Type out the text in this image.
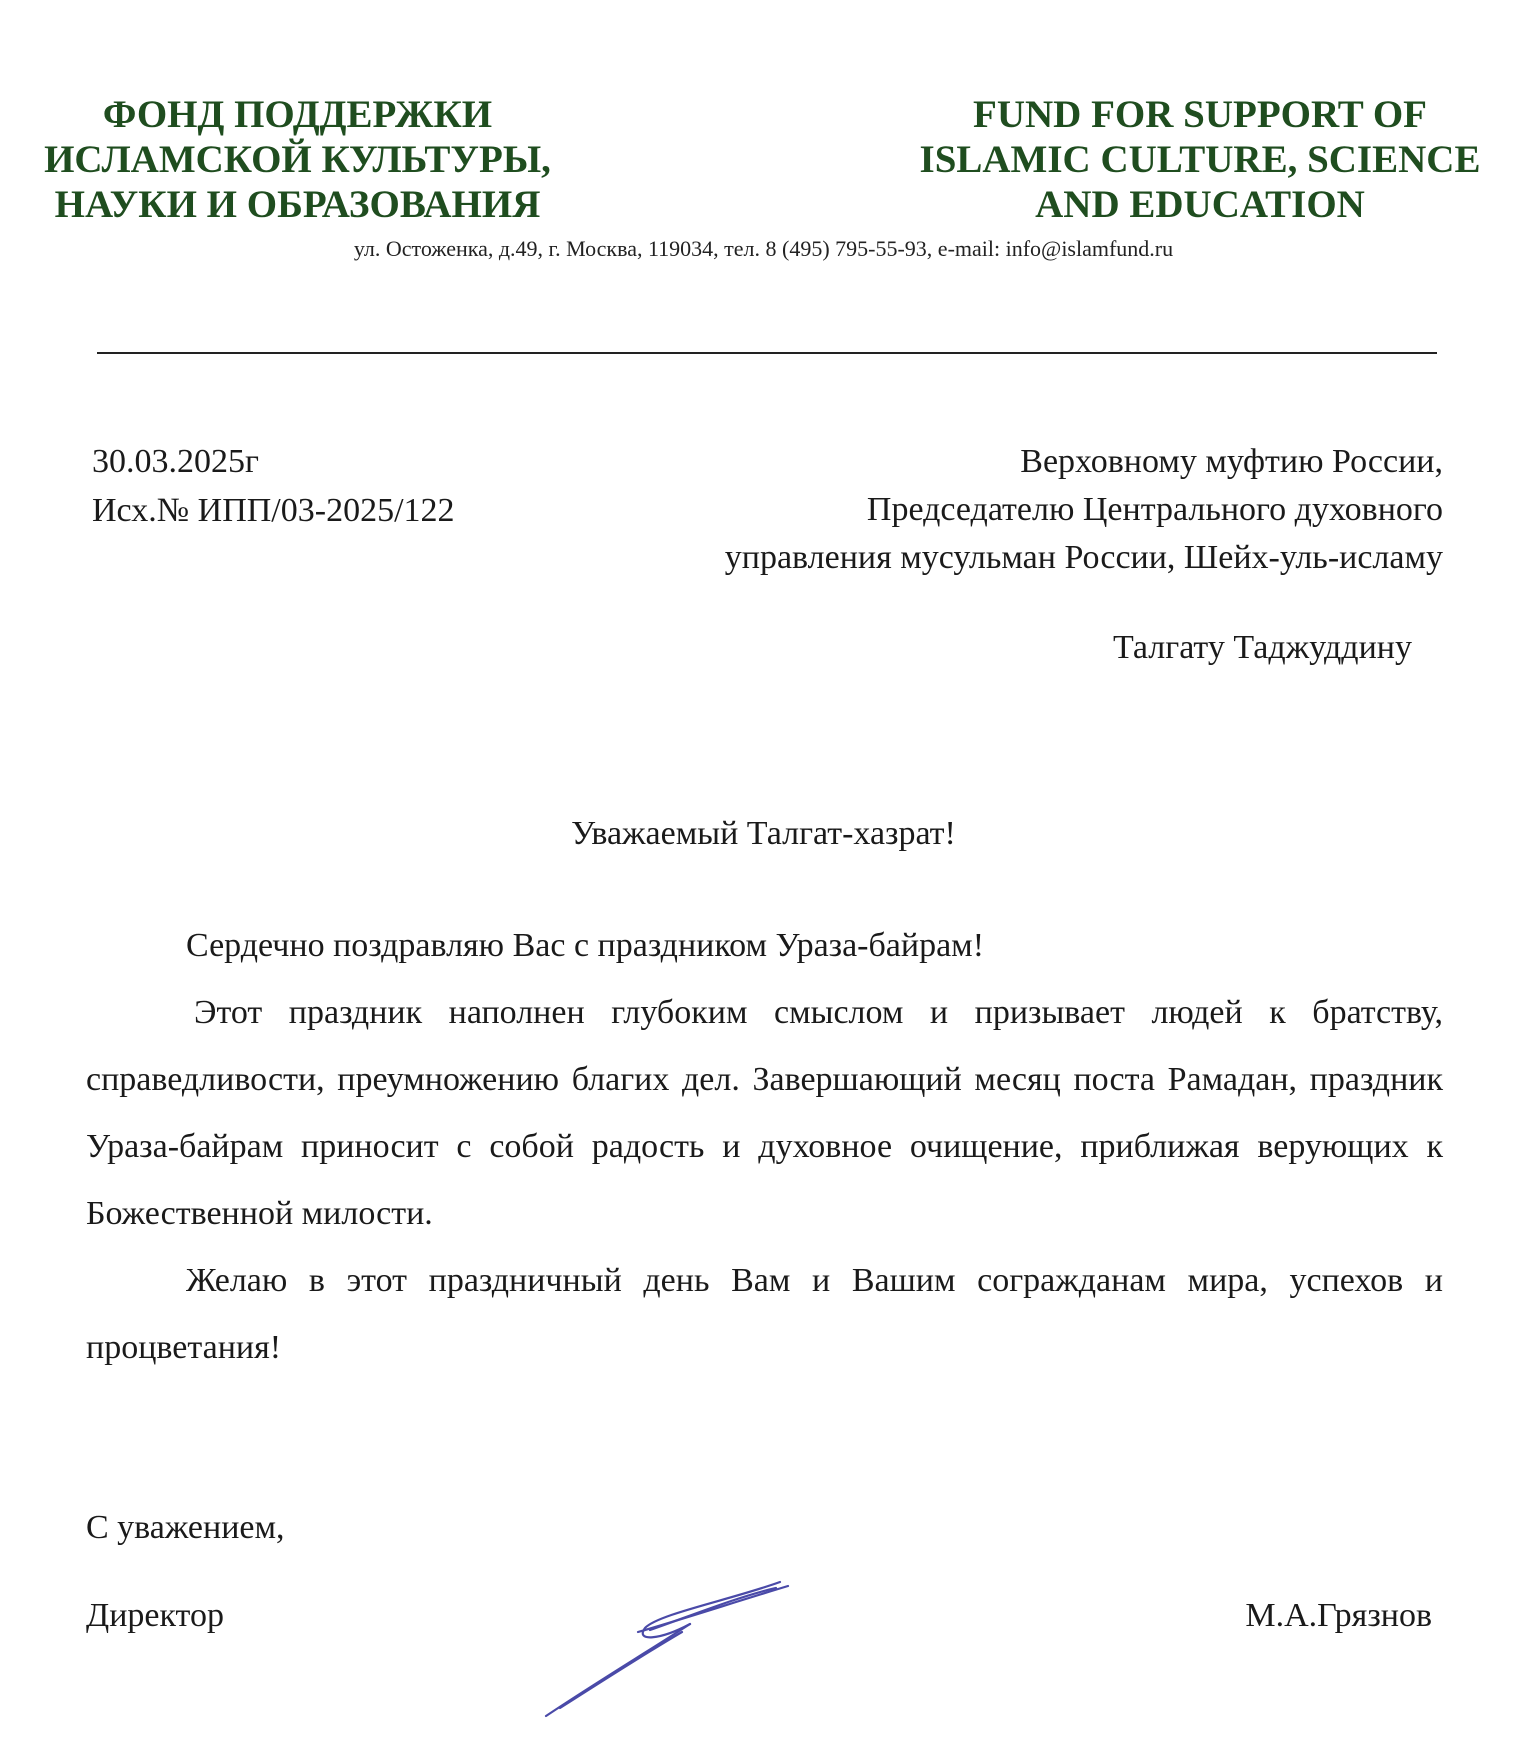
ФОНД ПОДДЕРЖКИ
ИСЛАМСКОЙ КУЛЬТУРЫ,
НАУКИ И ОБРАЗОВАНИЯ
FUND FOR SUPPORT OF
ISLAMIC CULTURE, SCIENCE
AND EDUCATION
ул. Остоженка, д.49, г. Москва, 119034, тел. 8 (495) 795-55-93, e-mail: info@islamfund.ru
30.03.2025г
Исх.№ ИПП/03-2025/122
Верховному муфтию России,
Председателю Центрального духовного
управления мусульман России, Шейх-уль-исламу
Талгату Таджуддину
Уважаемый Талгат-хазрат!

Сердечно поздравляю Вас с праздником Ураза-байрам!

Этот праздник наполнен глубоким смыслом и призывает людей к братству, справедливости, преумножению благих дел. Завершающий месяц поста Рамадан, праздник Ураза-байрам приносит с собой радость и духовное очищение, приближая верующих к Божественной милости.

Желаю в этот праздничный день Вам и Вашим согражданам мира, успехов и процветания!

С уважением,
Директор	М.А.Грязнов
